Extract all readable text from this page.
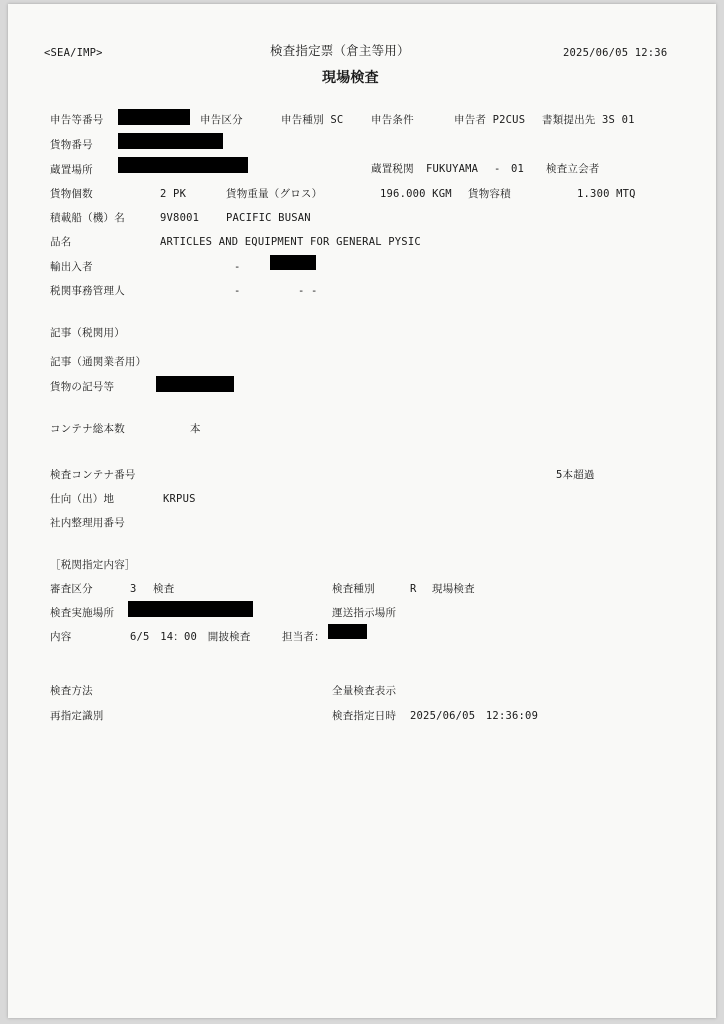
<SEA/IMP>	検査指定票（倉主等用）	2025/06/05 12:36
現場検査
申告等番号	申告区分	申告種別 SC	申告条件	申告者 P2CUS 書類提出先 3S 01
貨物番号
蔵置場所	蔵置税関 FUKUYAMA - 01 検査立会者
貨物個数	2 PK	貨物重量（グロス）	196.000 KGM 貨物容積	1.300 MTQ
積載船（機）名	9V8001	PACIFIC BUSAN
品名	ARTICLES AND EQUIPMENT FOR GENERAL PYSIC
輸出入者	-
税関事務管理人	-	- -
記事（税関用）
記事（通関業者用）
貨物の記号等
コンテナ総本数	本
検査コンテナ番号	5本超過
仕向（出）地	KRPUS
社内整理用番号
［税関指定内容］
審査区分	3 検査	検査種別	R 現場検査
検査実施場所	運送指示場所
内容	6/5　14：00　開披検査	担当者：
検査方法	全量検査表示
再指定識別	検査指定日時 2025/06/05　12:36:09
